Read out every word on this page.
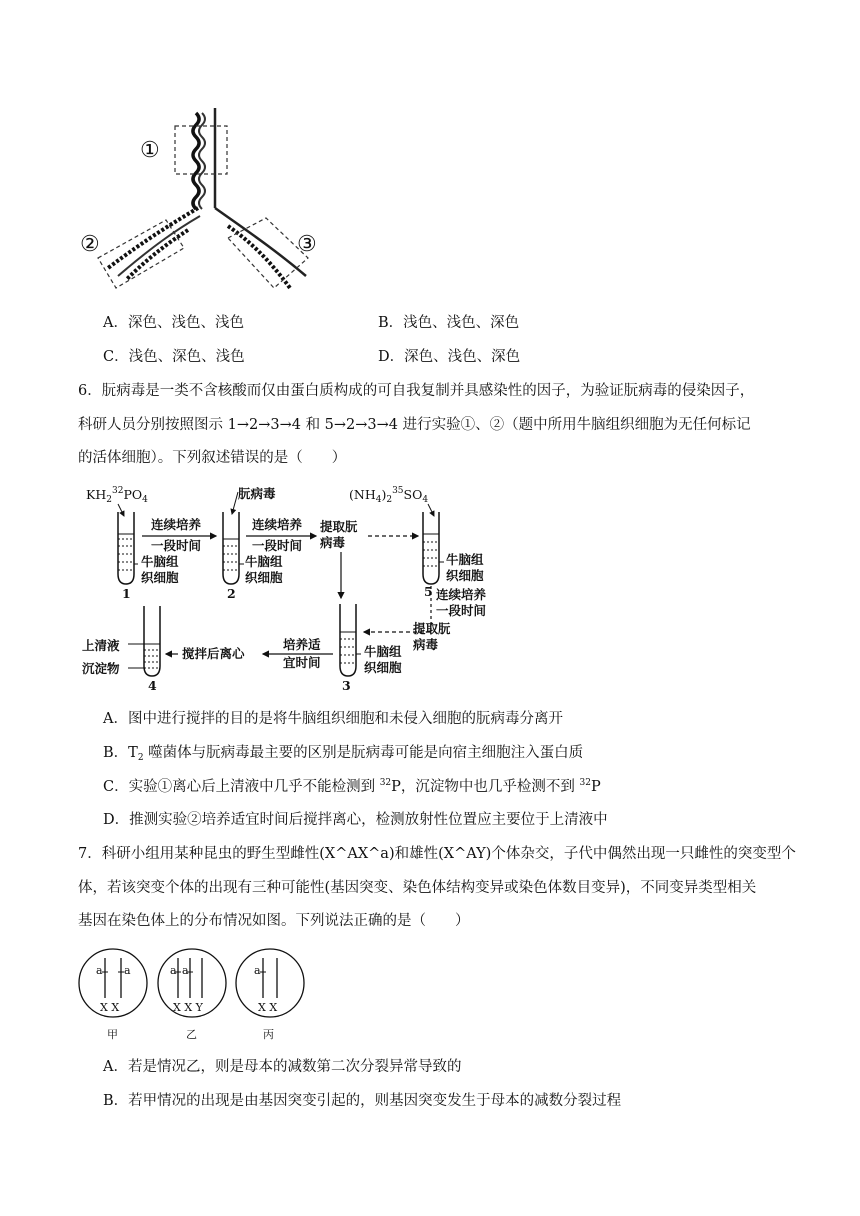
①
②	③
A．深色、浅色、浅色	B．浅色、浅色、深色
C．浅色、深色、浅色	D．深色、浅色、深色
6．朊病毒是一类不含核酸而仅由蛋白质构成的可自我复制并具感染性的因子，为验证朊病毒的侵染因子，
科研人员分别按照图示 1→2→3→4 和 5→2→3→4 进行实验①、②（题中所用牛脑组织细胞为无任何标记
的活体细胞）。下列叙述错误的是（　　）
$KH_2^{32}PO_4$	朊病毒	$(NH_4)_2^{35}SO_4$
连续培养
一段时间
连续培养
一段时间
提取朊
病毒
牛脑组
织细胞
牛脑组
织细胞
牛脑组
织细胞
1	2	5 连续培养
一段时间
提取朊
病毒
培养适
宜时间
牛脑组
织细胞
3
搅拌后离心
上清液
沉淀物
4
A．图中进行搅拌的目的是将牛脑组织细胞和未侵入细胞的朊病毒分离开
B．$T_2$ 噬菌体与朊病毒最主要的区别是朊病毒可能是向宿主细胞注入蛋白质
C．实验①离心后上清液中几乎不能检测到 $^{32}$P，沉淀物中也几乎检测不到 $^{32}$P
D．推测实验②培养适宜时间后搅拌离心，检测放射性位置应主要位于上清液中
7．科研小组用某种昆虫的野生型雌性(X^AX^a)和雄性(X^AY)个体杂交，子代中偶然出现一只雌性的突变型个
体，若该突变个体的出现有三种可能性(基因突变、染色体结构变异或染色体数目变异)，不同变异类型相关
基因在染色体上的分布情况如图。下列说法正确的是（　　）
a a
X X
甲
a a
X X Y
乙
a
X X
丙
A．若是情况乙，则是母本的减数第二次分裂异常导致的
B．若甲情况的出现是由基因突变引起的，则基因突变发生于母本的减数分裂过程
